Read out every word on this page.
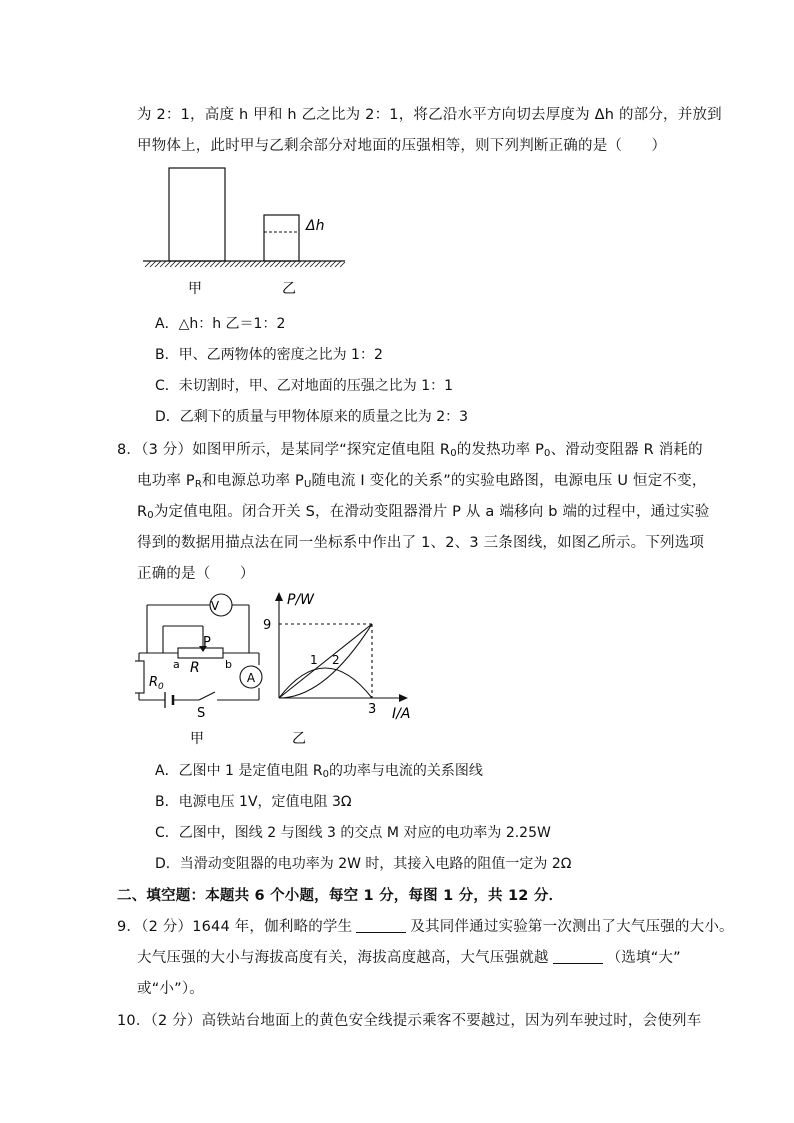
为 2：1，高度 h 甲和 h 乙之比为 2：1，将乙沿水平方向切去厚度为 Δh 的部分，并放到
甲物体上，此时甲与乙剩余部分对地面的压强相等，则下列判断正确的是（　　）
Δh
甲	乙
A．△h：h 乙＝1：2
B．甲、乙两物体的密度之比为 1：2
C．未切割时，甲、乙对地面的压强之比为 1：1
D．乙剩下的质量与甲物体原来的质量之比为 2：3
8．（3 分）如图甲所示，是某同学“探究定值电阻 $R_0$的发热功率 $P_0$、滑动变阻器 R 消耗的
电功率 $P_R$和电源总功率 $P_U$随电流 I 变化的关系”的实验电路图，电源电压 U 恒定不变，
$R_0$为定值电阻。闭合开关 S，在滑动变阻器滑片 P 从 a 端移向 b 端的过程中，通过实验
得到的数据用描点法在同一坐标系中作出了 1、2、3 三条图线，如图乙所示。下列选项
正确的是（　　）
V
A
P
a	b
R
$R_0$
S
甲
P/W
9
3 I/A
1 2
乙
A．乙图中 1 是定值电阻 $R_0$的功率与电流的关系图线
B．电源电压 1V，定值电阻 3Ω
C．乙图中，图线 2 与图线 3 的交点 M 对应的电功率为 2.25W
D．当滑动变阻器的电功率为 2W 时，其接入电路的阻值一定为 2Ω
二、填空题：本题共 6 个小题，每空 1 分，每图 1 分，共 12 分．
9．（2 分）1644 年，伽利略的学生	及其同伴通过实验第一次测出了大气压强的大小。
大气压强的大小与海拔高度有关，海拔高度越高，大气压强就越	（选填“大”
或“小”）。
10．（2 分）高铁站台地面上的黄色安全线提示乘客不要越过，因为列车驶过时，会使列车
